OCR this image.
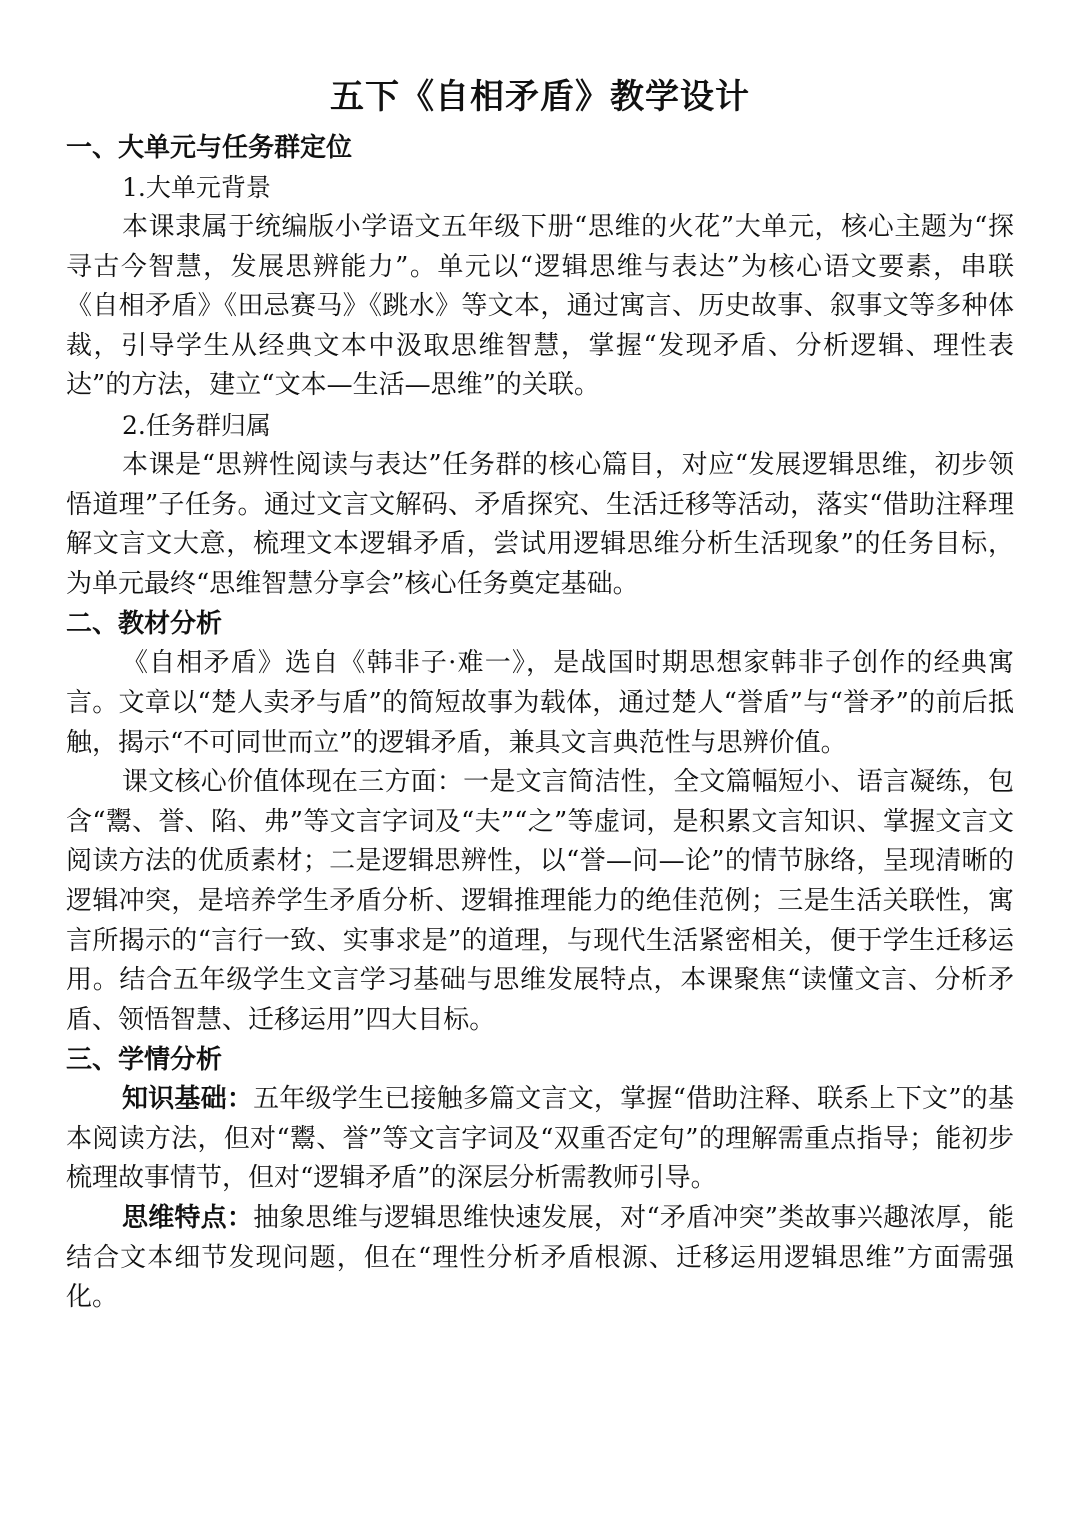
五下《自相矛盾》教学设计
一、大单元与任务群定位

1.大单元背景

本课隶属于统编版小学语文五年级下册“思维的火花”大单元，核心主题为“探寻古今智慧，发展思辨能力”。单元以“逻辑思维与表达”为核心语文要素，串联《自相矛盾》《田忌赛马》《跳水》等文本，通过寓言、历史故事、叙事文等多种体裁，引导学生从经典文本中汲取思维智慧，掌握“发现矛盾、分析逻辑、理性表达”的方法，建立“文本—生活—思维”的关联。

2.任务群归属

本课是“思辨性阅读与表达”任务群的核心篇目，对应“发展逻辑思维，初步领悟道理”子任务。通过文言文解码、矛盾探究、生活迁移等活动，落实“借助注释理解文言文大意，梳理文本逻辑矛盾，尝试用逻辑思维分析生活现象”的任务目标，为单元最终“思维智慧分享会”核心任务奠定基础。

二、教材分析

《自相矛盾》选自《韩非子·难一》，是战国时期思想家韩非子创作的经典寓言。文章以“楚人卖矛与盾”的简短故事为载体，通过楚人“誉盾”与“誉矛”的前后抵触，揭示“不可同世而立”的逻辑矛盾，兼具文言典范性与思辨价值。

课文核心价值体现在三方面：一是文言简洁性，全文篇幅短小、语言凝练，包含“鬻、誉、陷、弗”等文言字词及“夫”“之”等虚词，是积累文言知识、掌握文言文阅读方法的优质素材；二是逻辑思辨性，以“誉—问—论”的情节脉络，呈现清晰的逻辑冲突，是培养学生矛盾分析、逻辑推理能力的绝佳范例；三是生活关联性，寓言所揭示的“言行一致、实事求是”的道理，与现代生活紧密相关，便于学生迁移运用。结合五年级学生文言学习基础与思维发展特点，本课聚焦“读懂文言、分析矛盾、领悟智慧、迁移运用”四大目标。

三、学情分析

知识基础：五年级学生已接触多篇文言文，掌握“借助注释、联系上下文”的基本阅读方法，但对“鬻、誉”等文言字词及“双重否定句”的理解需重点指导；能初步梳理故事情节，但对“逻辑矛盾”的深层分析需教师引导。

思维特点：抽象思维与逻辑思维快速发展，对“矛盾冲突”类故事兴趣浓厚，能结合文本细节发现问题，但在“理性分析矛盾根源、迁移运用逻辑思维”方面需强化。
